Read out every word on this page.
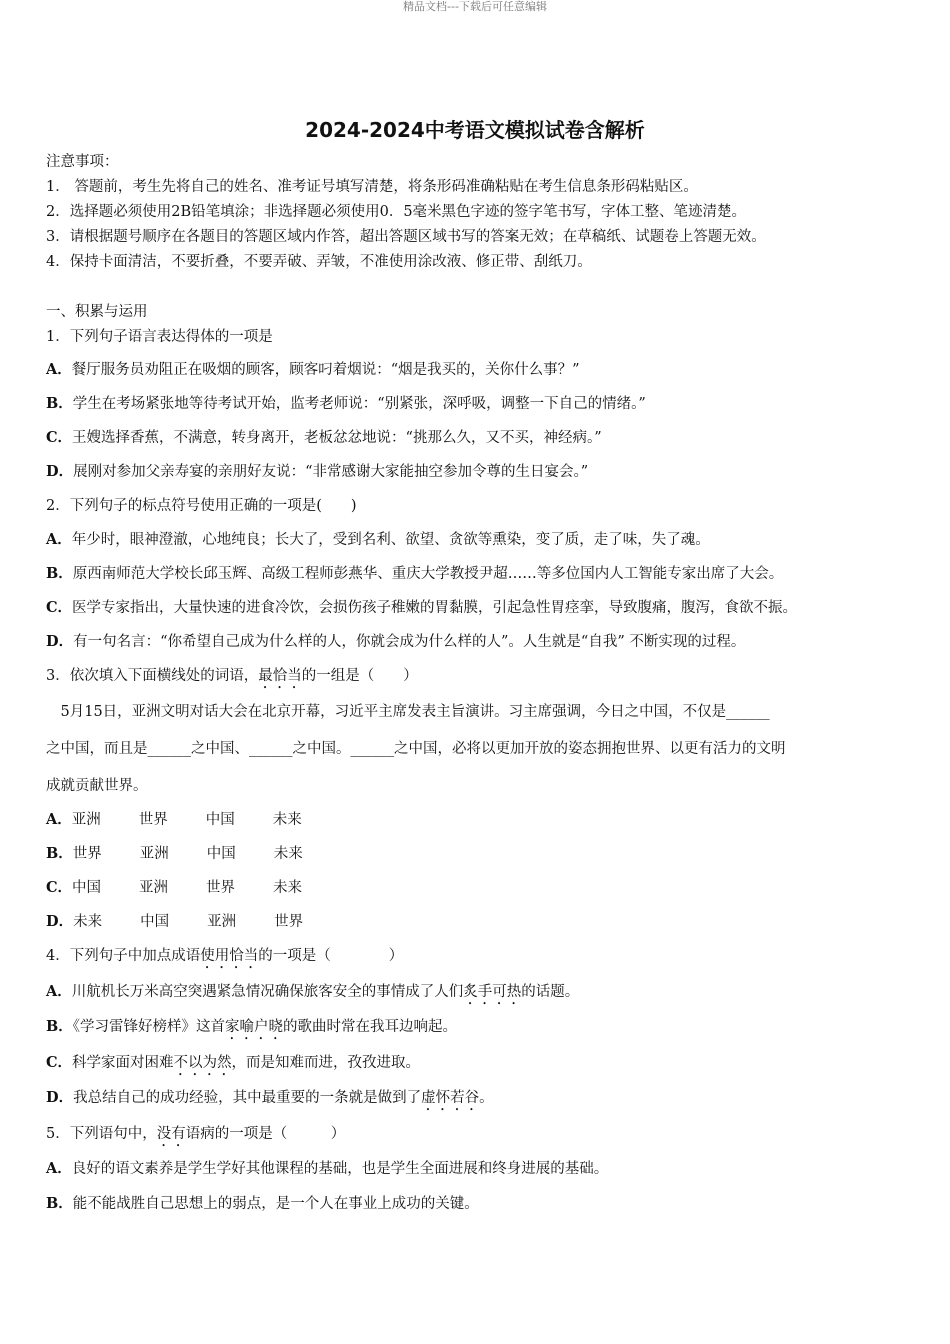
精品文档---下载后可任意编辑
2024-2024中考语文模拟试卷含解析
注意事项：
1． 答题前，考生先将自己的姓名、准考证号填写清楚，将条形码准确粘贴在考生信息条形码粘贴区。
2．选择题必须使用2B铅笔填涂；非选择题必须使用0．5毫米黑色字迹的签字笔书写，字体工整、笔迹清楚。
3．请根据题号顺序在各题目的答题区域内作答，超出答题区域书写的答案无效；在草稿纸、试题卷上答题无效。
4．保持卡面清洁，不要折叠，不要弄破、弄皱，不准使用涂改液、修正带、刮纸刀。
一、积累与运用
1．下列句子语言表达得体的一项是
A．餐厅服务员劝阻正在吸烟的顾客，顾客叼着烟说：“烟是我买的，关你什么事？”
B．学生在考场紧张地等待考试开始，监考老师说：“别紧张，深呼吸，调整一下自己的情绪。”
C．王嫂选择香蕉，不满意，转身离开，老板忿忿地说：“挑那么久，又不买，神经病。”
D．展刚对参加父亲寿宴的亲朋好友说：“非常感谢大家能抽空参加令尊的生日宴会。”
2．下列句子的标点符号使用正确的一项是(　　)
A．年少时，眼神澄澈，心地纯良；长大了，受到名利、欲望、贪欲等熏染，变了质，走了味，失了魂。
B．原西南师范大学校长邱玉辉、高级工程师彭燕华、重庆大学教授尹超……等多位国内人工智能专家出席了大会。
C．医学专家指出，大量快速的进食冷饮，会损伤孩子稚嫩的胃黏膜，引起急性胃痉挛，导致腹痛，腹泻，食欲不振。
D．有一句名言：“你希望自己成为什么样的人，你就会成为什么样的人”。人生就是“自我” 不断实现的过程。
3．依次填入下面横线处的词语，最恰当的一组是（　　）
　5月15日，亚洲文明对话大会在北京开幕，习近平主席发表主旨演讲。习主席强调，今日之中国，不仅是______
之中国，而且是______之中国、______之中国。______之中国，必将以更加开放的姿态拥抱世界、以更有活力的文明
成就贡献世界。
A．亚洲	世界	中国	未来
B．世界	亚洲	中国	未来
C．中国	亚洲	世界	未来
D．未来	中国	亚洲	世界
4．下列句子中加点成语使用恰当的一项是（　　　　）
A．川航机长万米高空突遇紧急情况确保旅客安全的事情成了人们炙手可热的话题。
B．《学习雷锋好榜样》这首家喻户晓的歌曲时常在我耳边响起。
C．科学家面对困难不以为然，而是知难而进，孜孜进取。
D．我总结自己的成功经验，其中最重要的一条就是做到了虚怀若谷。
5．下列语句中，没有语病的一项是（　　　）
A．良好的语文素养是学生学好其他课程的基础，也是学生全面进展和终身进展的基础。
B．能不能战胜自己思想上的弱点，是一个人在事业上成功的关键。
